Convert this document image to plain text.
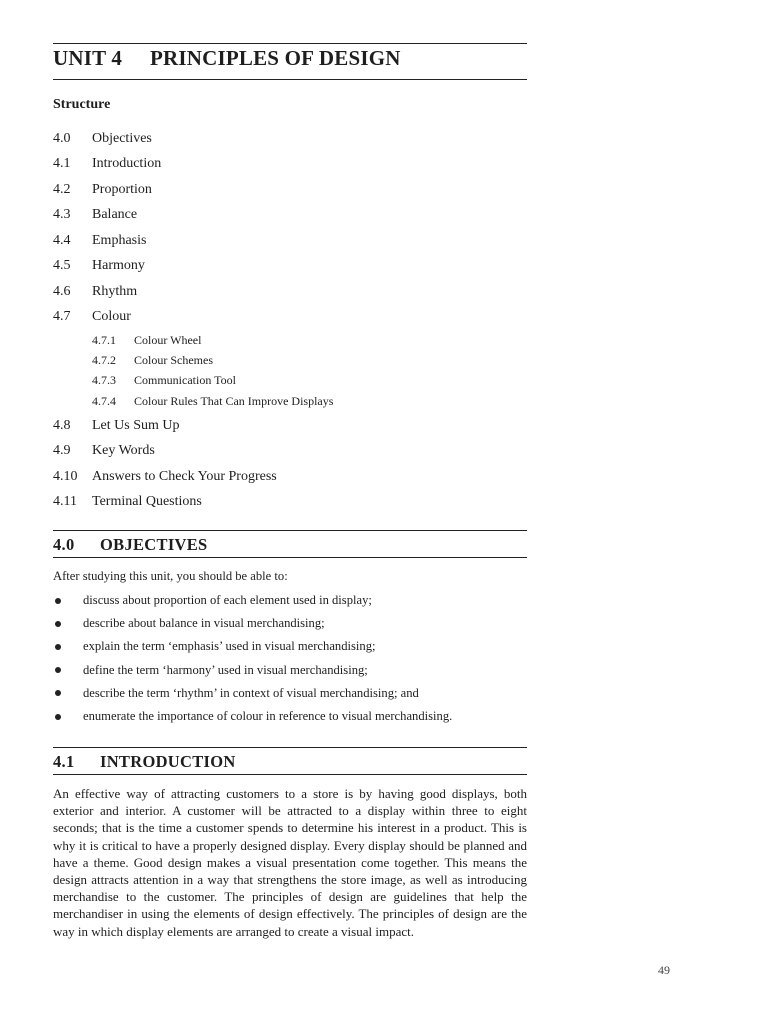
UNIT 4 PRINCIPLES OF DESIGN
Structure
4.0	Objectives
4.1	Introduction
4.2	Proportion
4.3	Balance
4.4	Emphasis
4.5	Harmony
4.6	Rhythm
4.7	Colour
4.7.1	Colour Wheel
4.7.2	Colour Schemes
4.7.3	Communication Tool
4.7.4	Colour Rules That Can Improve Displays
4.8	Let Us Sum Up
4.9	Key Words
4.10	Answers to Check Your Progress
4.11	Terminal Questions
4.0 OBJECTIVES
After studying this unit, you should be able to:
discuss about proportion of each element used in display;
describe about balance in visual merchandising;
explain the term ‘emphasis’ used in visual merchandising;
define the term ‘harmony’ used in visual merchandising;
describe the term ‘rhythm’ in context of visual merchandising; and
enumerate the importance of colour in reference to visual merchandising.
4.1 INTRODUCTION
An effective way of attracting customers to a store is by having good displays, both exterior and interior. A customer will be attracted to a display within three to eight seconds; that is the time a customer spends to determine his interest in a product. This is why it is critical to have a properly designed display. Every display should be planned and have a theme. Good design makes a visual presentation come together. This means the design attracts attention in a way that strengthens the store image, as well as introducing merchandise to the customer. The principles of design are guidelines that help the merchandiser in using the elements of design effectively. The principles of design are the way in which display elements are arranged to create a visual impact.
49
